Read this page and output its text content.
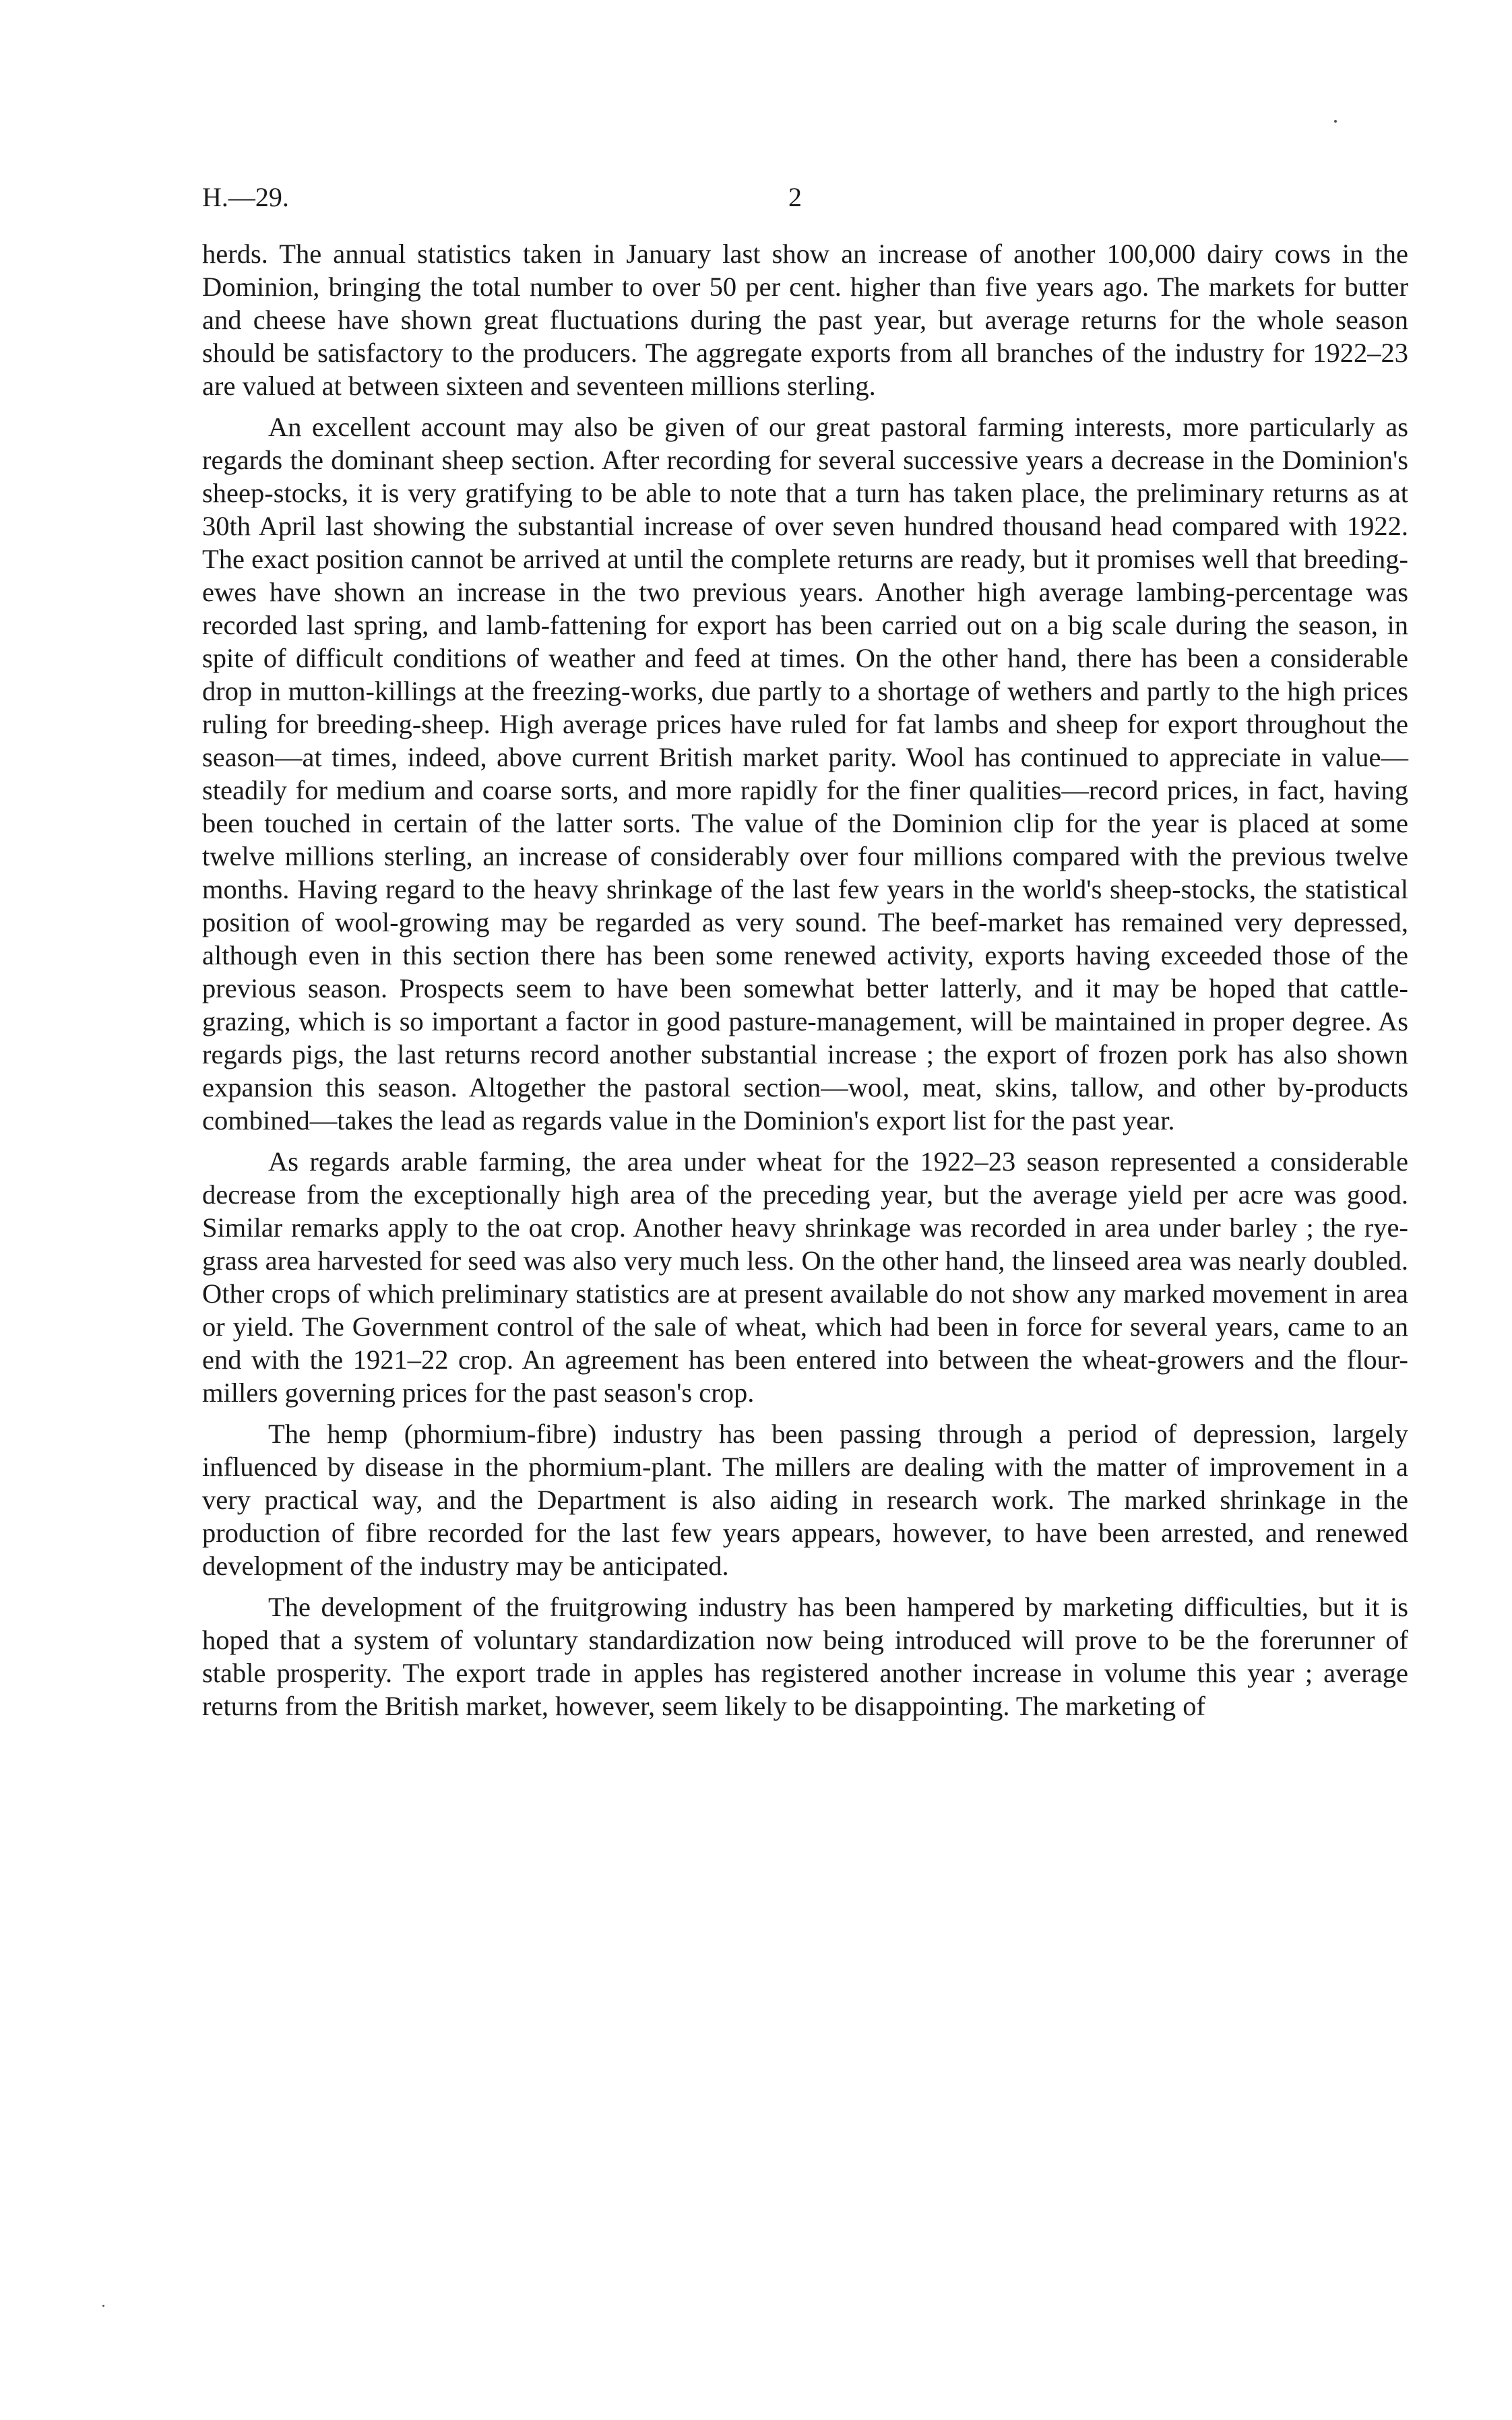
H.—29.	2

herds. The annual statistics taken in January last show an increase of another 100,000 dairy cows in the Dominion, bringing the total number to over 50 per cent. higher than five years ago. The markets for butter and cheese have shown great fluctuations during the past year, but average returns for the whole season should be satisfactory to the producers. The aggregate exports from all branches of the industry for 1922–23 are valued at between sixteen and seventeen millions sterling.

An excellent account may also be given of our great pastoral farming interests, more particularly as regards the dominant sheep section. After recording for several successive years a decrease in the Dominion's sheep-stocks, it is very gratifying to be able to note that a turn has taken place, the preliminary returns as at 30th April last showing the substantial increase of over seven hundred thousand head compared with 1922. The exact position cannot be arrived at until the complete returns are ready, but it promises well that breeding-ewes have shown an increase in the two previous years. Another high average lambing-percentage was recorded last spring, and lamb-fattening for export has been carried out on a big scale during the season, in spite of difficult conditions of weather and feed at times. On the other hand, there has been a considerable drop in mutton-killings at the freezing-works, due partly to a shortage of wethers and partly to the high prices ruling for breeding-sheep. High average prices have ruled for fat lambs and sheep for export throughout the season—at times, indeed, above current British market parity. Wool has continued to appreciate in value—steadily for medium and coarse sorts, and more rapidly for the finer qualities—record prices, in fact, having been touched in certain of the latter sorts. The value of the Dominion clip for the year is placed at some twelve millions sterling, an increase of considerably over four millions compared with the previous twelve months. Having regard to the heavy shrinkage of the last few years in the world's sheep-stocks, the statistical position of wool-growing may be regarded as very sound. The beef-market has remained very depressed, although even in this section there has been some renewed activity, exports having exceeded those of the previous season. Prospects seem to have been somewhat better latterly, and it may be hoped that cattle-grazing, which is so important a factor in good pasture-management, will be maintained in proper degree. As regards pigs, the last returns record another substantial increase ; the export of frozen pork has also shown expansion this season. Altogether the pastoral section—wool, meat, skins, tallow, and other by-products combined—takes the lead as regards value in the Dominion's export list for the past year.

As regards arable farming, the area under wheat for the 1922–23 season represented a considerable decrease from the exceptionally high area of the preceding year, but the average yield per acre was good. Similar remarks apply to the oat crop. Another heavy shrinkage was recorded in area under barley ; the rye-grass area harvested for seed was also very much less. On the other hand, the linseed area was nearly doubled. Other crops of which preliminary statistics are at present available do not show any marked movement in area or yield. The Government control of the sale of wheat, which had been in force for several years, came to an end with the 1921–22 crop. An agreement has been entered into between the wheat-growers and the flour-millers governing prices for the past season's crop.

The hemp (phormium-fibre) industry has been passing through a period of depression, largely influenced by disease in the phormium-plant. The millers are dealing with the matter of improvement in a very practical way, and the Department is also aiding in research work. The marked shrinkage in the production of fibre recorded for the last few years appears, however, to have been arrested, and renewed development of the industry may be anticipated.

The development of the fruitgrowing industry has been hampered by marketing difficulties, but it is hoped that a system of voluntary standardization now being introduced will prove to be the forerunner of stable prosperity. The export trade in apples has registered another increase in volume this year ; average returns from the British market, however, seem likely to be disappointing. The marketing of
